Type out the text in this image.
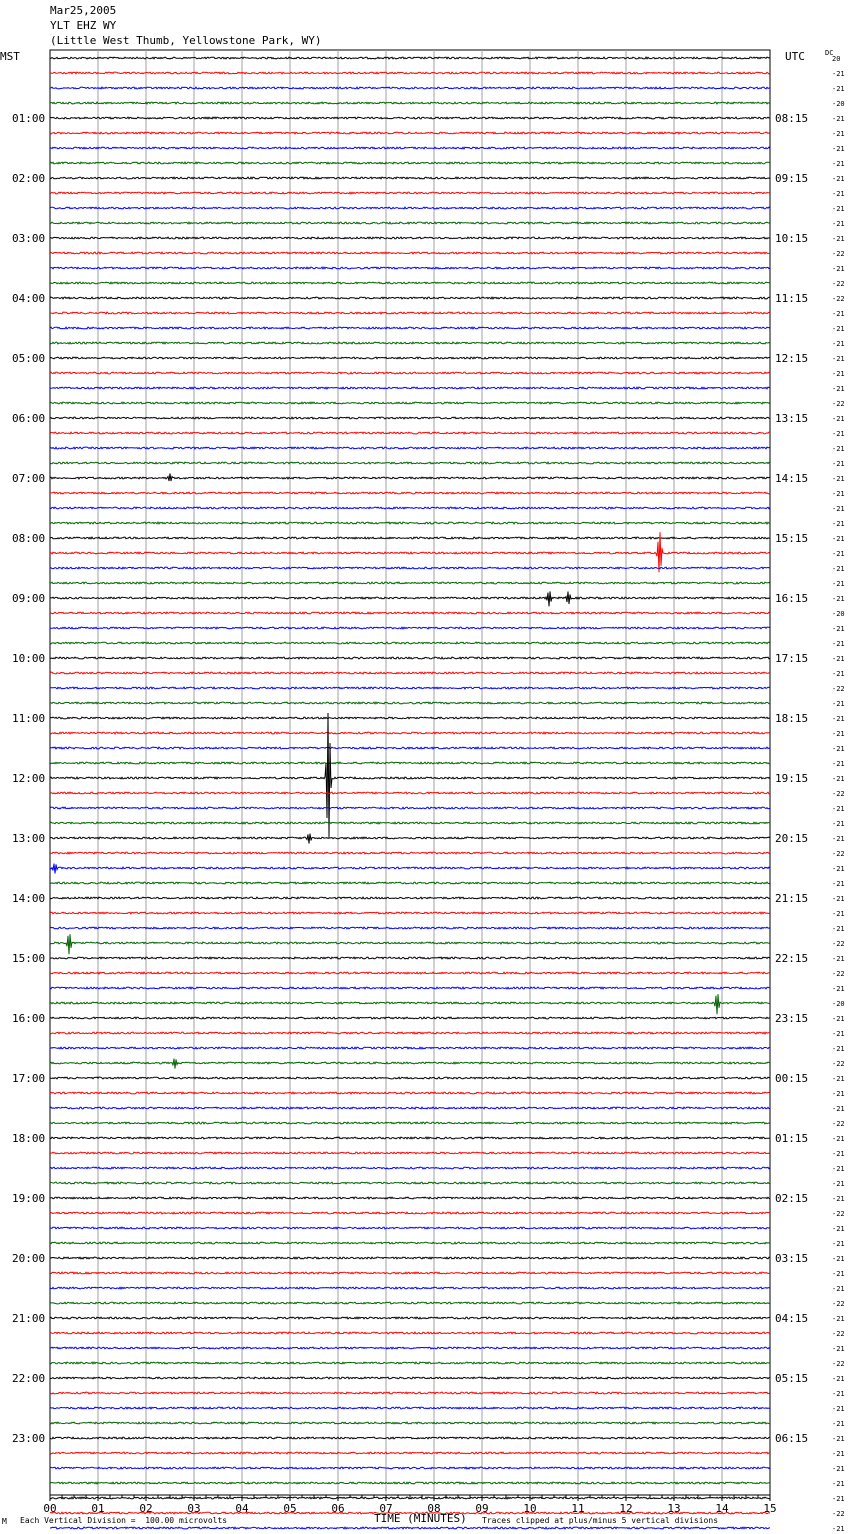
Mar25,2005
YLT EHZ WY
(Little West Thumb, Yellowstone Park, WY)
MST	UTC	DC
20
-21
-21
-20
-21
-21
-21
-21
-21
-21
-21
-21
-21
-22
-21
-22
-22
-21
-21
-21
-21
-21
-21
-22
-21
-21
-21
-21
-21
-21
-21
-21
-21
-21
-21
-21
-21
-20
-21
-21
-21
-21
-22
-21
-21
-21
-21
-21
-21
-22
-21
-21
-21
-22
-21
-21
-21
-21
-21
-22
-21
-22
-21
-20
-21
-21
-21
-22
-21
-21
-21
-22
-21
-21
-21
-21
-21
-22
-21
-21
-21
-21
-21
-22
-21
-22
-21
-22
-21
-21
-21
-21
-21
-21
-21
-21
-21
-22
-21
01:00
02:00
03:00
04:00
05:00
06:00
07:00
08:00
09:00
10:00
11:00
12:00
13:00
14:00
15:00
16:00
17:00
18:00
19:00
20:00
21:00
22:00
23:00
08:15
09:15
10:15
11:15
12:15
13:15
14:15
15:15
16:15
17:15
18:15
19:15
20:15
21:15
22:15
23:15
00:15
01:15
02:15
03:15
04:15
05:15
06:15
00	01	02	03	04	05	06	07	08	09	10	11	12	13	14	15
M Each Vertical Division =  100.00 microvolts	TIME (MINUTES) Traces clipped at plus/minus 5 vertical divisions
